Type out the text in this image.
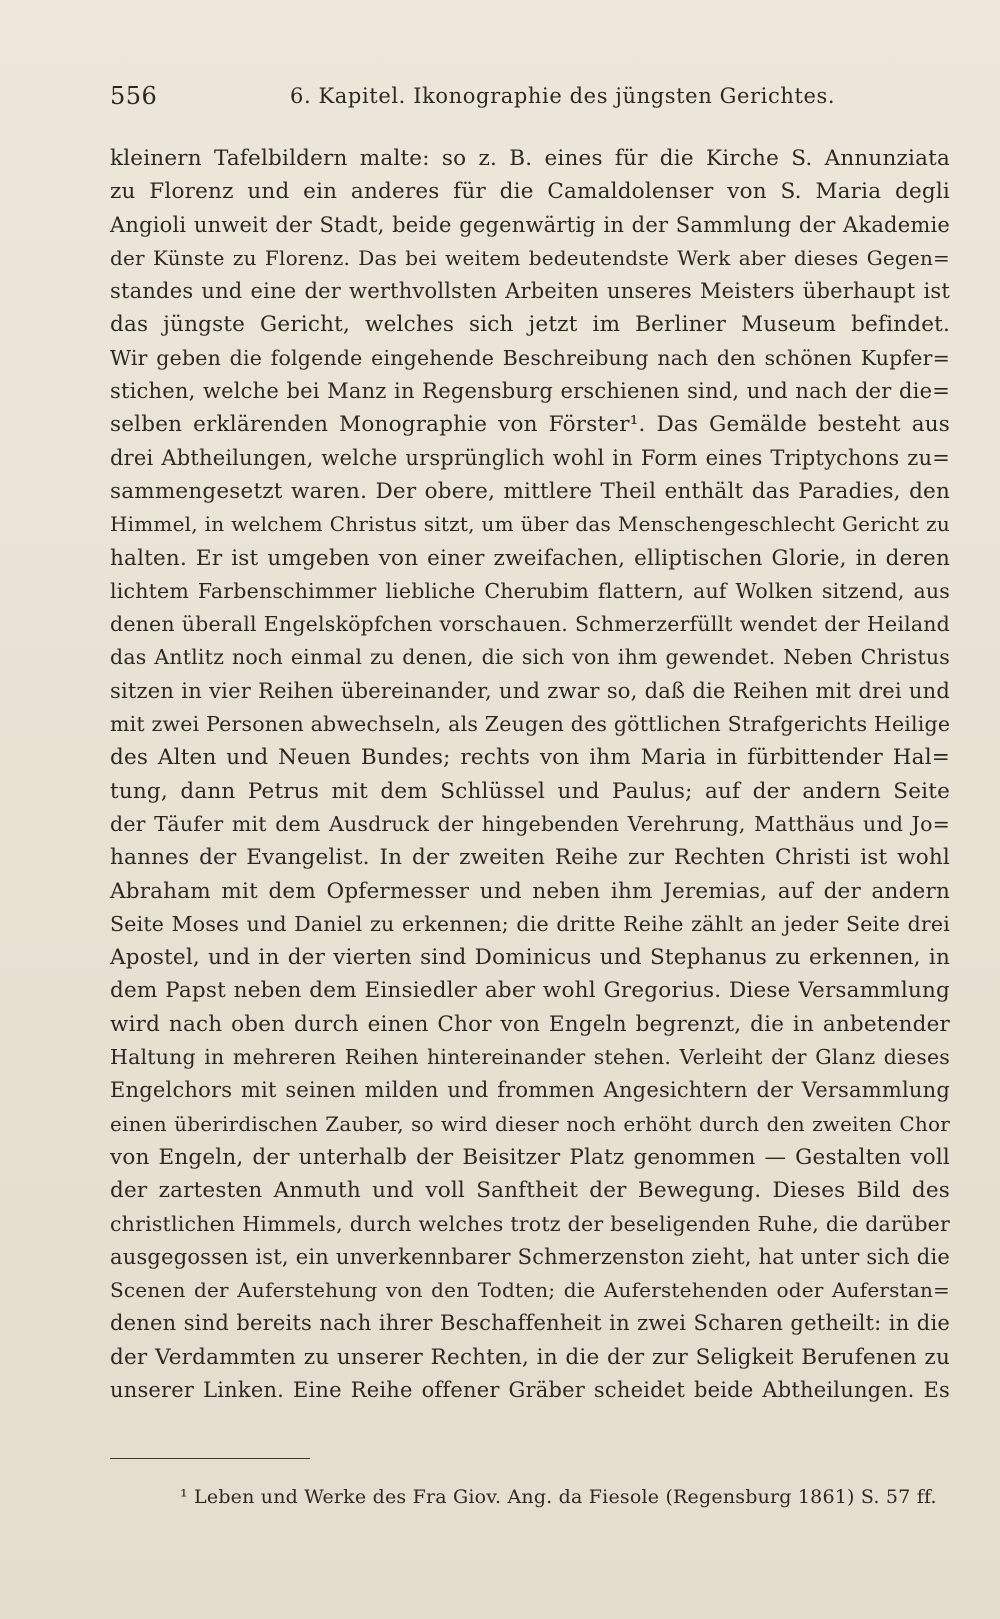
556	6. Kapitel. Ikonographie des jüngsten Gerichtes.
kleinern Tafelbildern malte: so z. B. eines für die Kirche S. Annunziata
zu Florenz und ein anderes für die Camaldolenser von S. Maria degli
Angioli unweit der Stadt, beide gegenwärtig in der Sammlung der Akademie
der Künste zu Florenz. Das bei weitem bedeutendste Werk aber dieses Gegen=
standes und eine der werthvollsten Arbeiten unseres Meisters überhaupt ist
das jüngste Gericht, welches sich jetzt im Berliner Museum befindet.
Wir geben die folgende eingehende Beschreibung nach den schönen Kupfer=
stichen, welche bei Manz in Regensburg erschienen sind, und nach der die=
selben erklärenden Monographie von Förster¹. Das Gemälde besteht aus
drei Abtheilungen, welche ursprünglich wohl in Form eines Triptychons zu=
sammengesetzt waren. Der obere, mittlere Theil enthält das Paradies, den
Himmel, in welchem Christus sitzt, um über das Menschengeschlecht Gericht zu
halten. Er ist umgeben von einer zweifachen, elliptischen Glorie, in deren
lichtem Farbenschimmer liebliche Cherubim flattern, auf Wolken sitzend, aus
denen überall Engelsköpfchen vorschauen. Schmerzerfüllt wendet der Heiland
das Antlitz noch einmal zu denen, die sich von ihm gewendet. Neben Christus
sitzen in vier Reihen übereinander, und zwar so, daß die Reihen mit drei und
mit zwei Personen abwechseln, als Zeugen des göttlichen Strafgerichts Heilige
des Alten und Neuen Bundes; rechts von ihm Maria in fürbittender Hal=
tung, dann Petrus mit dem Schlüssel und Paulus; auf der andern Seite
der Täufer mit dem Ausdruck der hingebenden Verehrung, Matthäus und Jo=
hannes der Evangelist. In der zweiten Reihe zur Rechten Christi ist wohl
Abraham mit dem Opfermesser und neben ihm Jeremias, auf der andern
Seite Moses und Daniel zu erkennen; die dritte Reihe zählt an jeder Seite drei
Apostel, und in der vierten sind Dominicus und Stephanus zu erkennen, in
dem Papst neben dem Einsiedler aber wohl Gregorius. Diese Versammlung
wird nach oben durch einen Chor von Engeln begrenzt, die in anbetender
Haltung in mehreren Reihen hintereinander stehen. Verleiht der Glanz dieses
Engelchors mit seinen milden und frommen Angesichtern der Versammlung
einen überirdischen Zauber, so wird dieser noch erhöht durch den zweiten Chor
von Engeln, der unterhalb der Beisitzer Platz genommen — Gestalten voll
der zartesten Anmuth und voll Sanftheit der Bewegung. Dieses Bild des
christlichen Himmels, durch welches trotz der beseligenden Ruhe, die darüber
ausgegossen ist, ein unverkennbarer Schmerzenston zieht, hat unter sich die
Scenen der Auferstehung von den Todten; die Auferstehenden oder Auferstan=
denen sind bereits nach ihrer Beschaffenheit in zwei Scharen getheilt: in die
der Verdammten zu unserer Rechten, in die der zur Seligkeit Berufenen zu
unserer Linken. Eine Reihe offener Gräber scheidet beide Abtheilungen. Es
¹ Leben und Werke des Fra Giov. Ang. da Fiesole (Regensburg 1861) S. 57 ff.
